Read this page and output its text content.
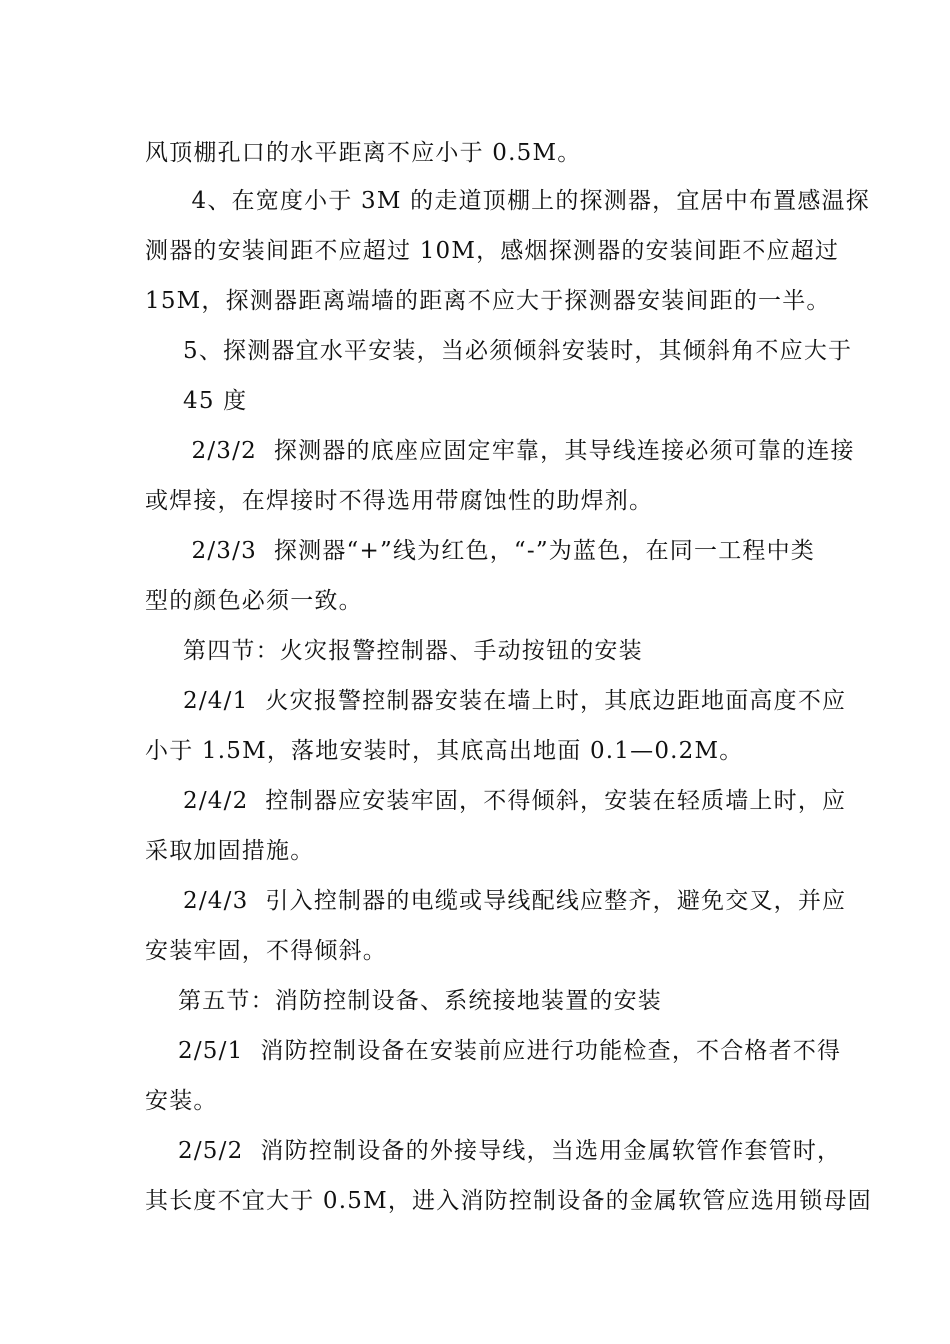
风顶棚孔口的水平距离不应小于 0.5M。
4、在宽度小于 3M 的走道顶棚上的探测器，宜居中布置感温探
测器的安装间距不应超过 10M，感烟探测器的安装间距不应超过
15M，探测器距离端墙的距离不应大于探测器安装间距的一半。
5、探测器宜水平安装，当必须倾斜安装时，其倾斜角不应大于
45 度
2/3/2  探测器的底座应固定牢靠，其导线连接必须可靠的连接
或焊接，在焊接时不得选用带腐蚀性的助焊剂。
2/3/3  探测器“+”线为红色，“-”为蓝色，在同一工程中类
型的颜色必须一致。
第四节：火灾报警控制器、手动按钮的安装
2/4/1  火灾报警控制器安装在墙上时，其底边距地面高度不应
小于 1.5M，落地安装时，其底高出地面 0.1—0.2M。
2/4/2  控制器应安装牢固，不得倾斜，安装在轻质墙上时，应
采取加固措施。
2/4/3  引入控制器的电缆或导线配线应整齐，避免交叉，并应
安装牢固，不得倾斜。
第五节：消防控制设备、系统接地装置的安装
2/5/1  消防控制设备在安装前应进行功能检查，不合格者不得
安装。
2/5/2  消防控制设备的外接导线，当选用金属软管作套管时，
其长度不宜大于 0.5M，进入消防控制设备的金属软管应选用锁母固
